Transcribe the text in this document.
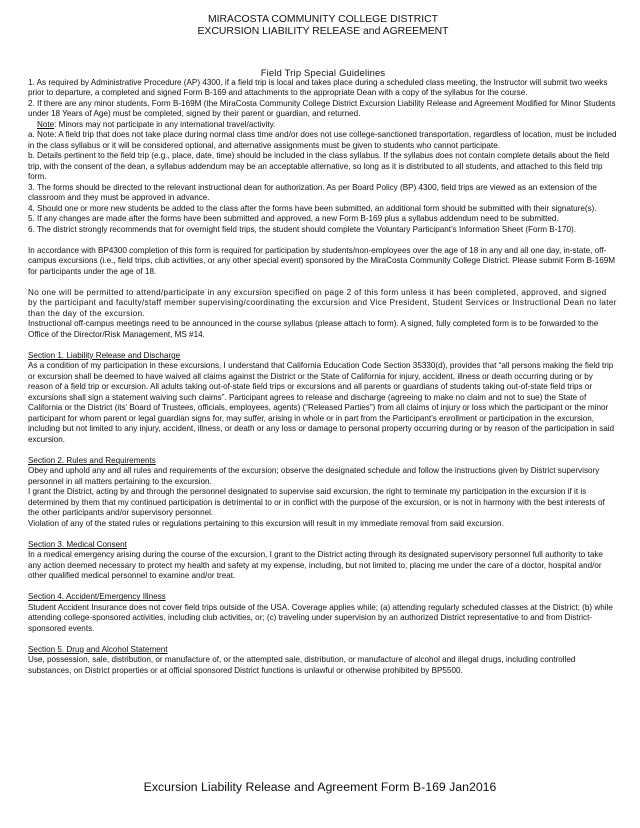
MIRACOSTA COMMUNITY COLLEGE DISTRICT

EXCURSION LIABILITY RELEASE and AGREEMENT

Field Trip Special Guidelines

1. As required by Administrative Procedure (AP) 4300, if a field trip is local and takes place during a scheduled class meeting, the Instructor will submit two weeks prior to departure, a completed and signed Form B-169 and attachments to the appropriate Dean with a copy of the syllabus for the course.

2. If there are any minor students, Form B-169M (the MiraCosta Community College District Excursion Liability Release and Agreement Modified for Minor Students under 18 Years of Age) must be completed, signed by their parent or guardian, and returned.

Note: Minors may not participate in any international travel/activity.

a. Note: A field trip that does not take place during normal class time and/or does not use college-sanctioned transportation, regardless of location, must be included in the class syllabus or it will be considered optional, and alternative assignments must be given to students who cannot participate.

b. Details pertinent to the field trip (e.g., place, date, time) should be included in the class syllabus. If the syllabus does not contain complete details about the field trip, with the consent of the dean, a syllabus addendum may be an acceptable alternative, so long as it is distributed to all students, and attached to this field trip form.

3. The forms should be directed to the relevant instructional dean for authorization. As per Board Policy (BP) 4300, field trips are viewed as an extension of the classroom and they must be approved in advance.

4. Should one or more new students be added to the class after the forms have been submitted, an additional form should be submitted with their signature(s).

5. If any changes are made after the forms have been submitted and approved, a new Form B-169 plus a syllabus addendum need to be submitted.

6. The district strongly recommends that for overnight field trips, the student should complete the Voluntary Participant’s Information Sheet (Form B-170).

In accordance with BP4300 completion of this form is required for participation by students/non-employees over the age of 18 in any and all one day, in-state, off-campus excursions (i.e., field trips, club activities, or any other special event) sponsored by the MiraCosta Community College District. Please submit Form B-169M for participants under the age of 18.

No one will be permitted to attend/participate in any excursion specified on page 2 of this form unless it has been completed, approved, and signed by the participant and faculty/staff member supervising/coordinating the excursion and Vice President, Student Services or Instructional Dean no later than the day of the excursion.

Instructional off-campus meetings need to be announced in the course syllabus (please attach to form). A signed, fully completed form is to be forwarded to the Office of the Director/Risk Management, MS #14.

Section 1. Liability Release and Discharge

As a condition of my participation in these excursions, I understand that California Education Code Section 35330(d), provides that “all persons making the field trip or excursion shall be deemed to have waived all claims against the District or the State of California for injury, accident, illness or death occurring during or by reason of a field trip or excursion. All adults taking out-of-state field trips or excursions and all parents or guardians of students taking out-of-state field trips or excursions shall sign a statement waiving such claims”. Participant agrees to release and discharge (agreeing to make no claim and not to sue) the State of California or the District (its’ Board of Trustees, officials, employees, agents) (“Released Parties”) from all claims of injury or loss which the participant or the minor participant for whom parent or legal guardian signs for, may suffer, arising in whole or in part from the Participant’s enrollment or participation in the excursion, including but not limited to any injury, accident, illness, or death or any loss or damage to personal property occurring during or by reason of the participation in said excursion.

Section 2. Rules and Requirements

Obey and uphold any and all rules and requirements of the excursion; observe the designated schedule and follow the instructions given by District supervisory personnel in all matters pertaining to the excursion.

I grant the District, acting by and through the personnel designated to supervise said excursion, the right to terminate my participation in the excursion if it is determined by them that my continued participation is detrimental to or in conflict with the purpose of the excursion, or is not in harmony with the best interests of the other participants and/or supervisory personnel.

Violation of any of the stated rules or regulations pertaining to this excursion will result in my immediate removal from said excursion.

Section 3. Medical Consent

In a medical emergency arising during the course of the excursion, I grant to the District acting through its designated supervisory personnel full authority to take any action deemed necessary to protect my health and safety at my expense, including, but not limited to, placing me under the care of a doctor, hospital and/or other qualified medical personnel to examine and/or treat.

Section 4. Accident/Emergency Illness

Student Accident Insurance does not cover field trips outside of the USA. Coverage applies while; (a) attending regularly scheduled classes at the District; (b) while attending college-sponsored activities, including club activities, or; (c) traveling under supervision by an authorized District representative to and from District-sponsored events.

Section 5. Drug and Alcohol Statement

Use, possession, sale, distribution, or manufacture of, or the attempted sale, distribution, or manufacture of alcohol and illegal drugs, including controlled substances, on District properties or at official sponsored District functions is unlawful or otherwise prohibited by BP5500.

Excursion Liability Release and Agreement Form B-169 Jan2016
